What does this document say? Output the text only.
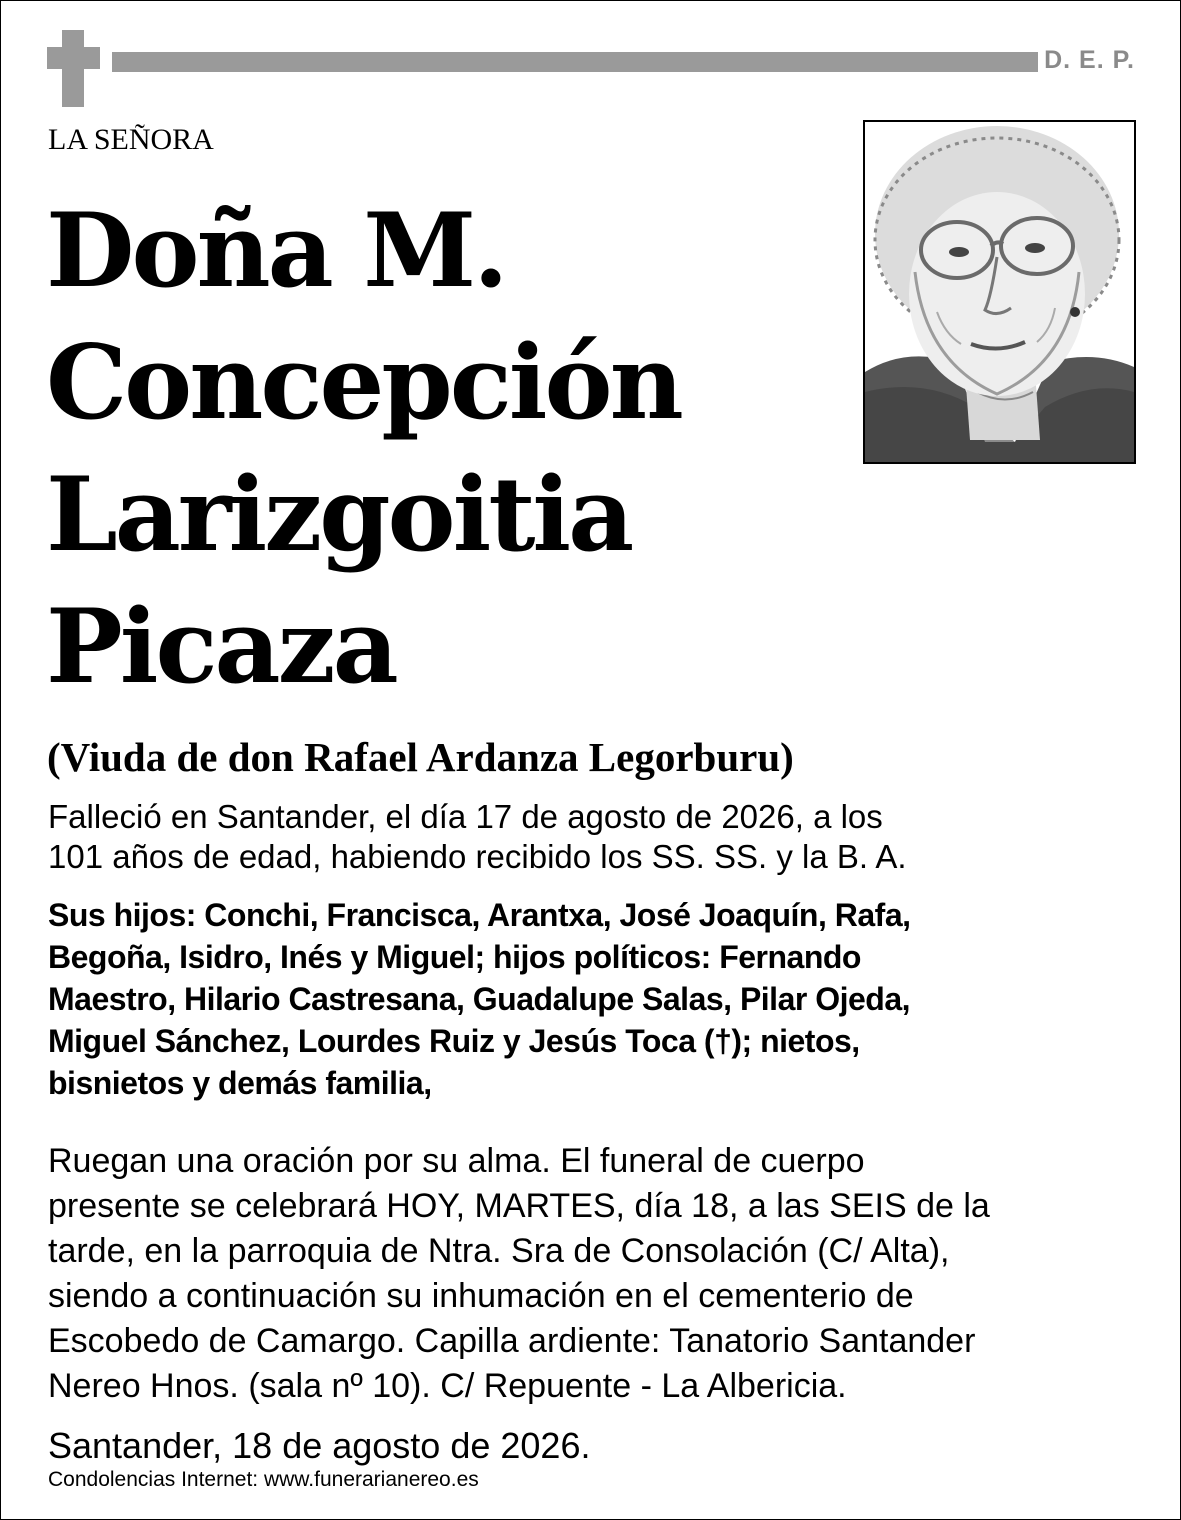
D. E. P.
LA SEÑORA
Doña M.
Concepción
Larizgoitia
Picaza
(Viuda de don Rafael Ardanza Legorburu)
Falleció en Santander, el día 17 de agosto de 2026, a los
101 años de edad, habiendo recibido los SS. SS. y la B. A.
Sus hijos: Conchi, Francisca, Arantxa, José Joaquín, Rafa,
Begoña, Isidro, Inés y Miguel; hijos políticos: Fernando
Maestro, Hilario Castresana, Guadalupe Salas, Pilar Ojeda,
Miguel Sánchez, Lourdes Ruiz y Jesús Toca (†); nietos,
bisnietos y demás familia,
Ruegan una oración por su alma. El funeral de cuerpo
presente se celebrará HOY, MARTES, día 18, a las SEIS de la
tarde, en la parroquia de Ntra. Sra de Consolación (C/ Alta),
siendo a continuación su inhumación en el cementerio de
Escobedo de Camargo. Capilla ardiente: Tanatorio Santander
Nereo Hnos. (sala nº 10). C/ Repuente - La Albericia.
Santander, 18 de agosto de 2026.
Condolencias Internet: www.funerarianereo.es
